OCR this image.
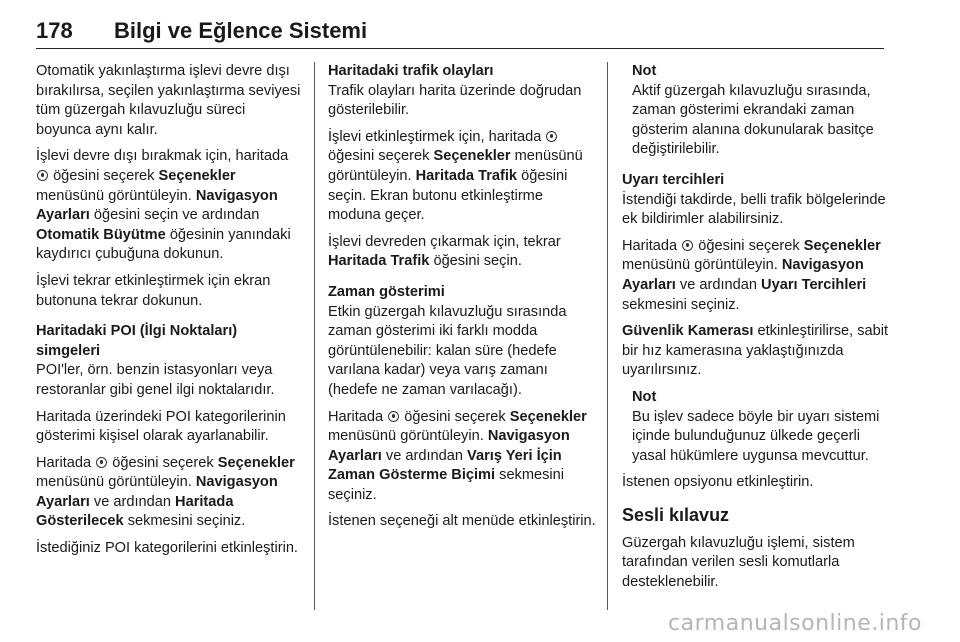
178 Bilgi ve Eğlence Sistemi

Otomatik yakınlaştırma işlevi devre dışı bırakılırsa, seçilen yakınlaştırma seviyesi tüm güzergah kılavuzluğu süreci boyunca aynı kalır.

İşlevi devre dışı bırakmak için, haritada  öğesini seçerek Seçenekler menüsünü görüntüleyin. Navigasyon Ayarları öğesini seçin ve ardından Otomatik Büyütme öğesinin yanındaki kaydırıcı çubuğuna dokunun.

İşlevi tekrar etkinleştirmek için ekran butonuna tekrar dokunun.

Haritadaki POI (İlgi Noktaları) simgeleri

POI'ler, örn. benzin istasyonları veya restoranlar gibi genel ilgi noktalarıdır.

Haritada üzerindeki POI kategorilerinin gösterimi kişisel olarak ayarlanabilir.

Haritada öğesini seçerek Seçenekler menüsünü görüntüleyin. Navigasyon Ayarları ve ardından Haritada Gösterilecek sekmesini seçiniz.

İstediğiniz POI kategorilerini etkinleştirin.

Haritadaki trafik olayları

Trafik olayları harita üzerinde doğrudan gösterilebilir.

İşlevi etkinleştirmek için, haritada  öğesini seçerek Seçenekler menüsünü görüntüleyin. Haritada Trafik öğesini seçin. Ekran butonu etkinleştirme moduna geçer.

İşlevi devreden çıkarmak için, tekrar Haritada Trafik öğesini seçin.

Zaman gösterimi

Etkin güzergah kılavuzluğu sırasında zaman gösterimi iki farklı modda görüntülenebilir: kalan süre (hedefe varılana kadar) veya varış zamanı (hedefe ne zaman varılacağı).

Haritada öğesini seçerek Seçenekler menüsünü görüntüleyin. Navigasyon Ayarları ve ardından Varış Yeri İçin Zaman Gösterme Biçimi sekmesini seçiniz.

İstenen seçeneği alt menüde etkinleştirin.

Not
Aktif güzergah kılavuzluğu sırasında, zaman gösterimi ekrandaki zaman gösterim alanına dokunularak basitçe değiştirilebilir.
Uyarı tercihleri

İstendiği takdirde, belli trafik bölgelerinde ek bildirimler alabilirsiniz.

Haritada öğesini seçerek Seçenekler menüsünü görüntüleyin. Navigasyon Ayarları ve ardından Uyarı Tercihleri sekmesini seçiniz.

Güvenlik Kamerası etkinleştirilirse, sabit bir hız kamerasına yaklaştığınızda uyarılırsınız.

Not
Bu işlev sadece böyle bir uyarı sistemi içinde bulunduğunuz ülkede geçerli yasal hükümlere uygunsa mevcuttur.

İstenen opsiyonu etkinleştirin.

Sesli kılavuz

Güzergah kılavuzluğu işlemi, sistem tarafından verilen sesli komutlarla desteklenebilir.

carmanualsonline.info
